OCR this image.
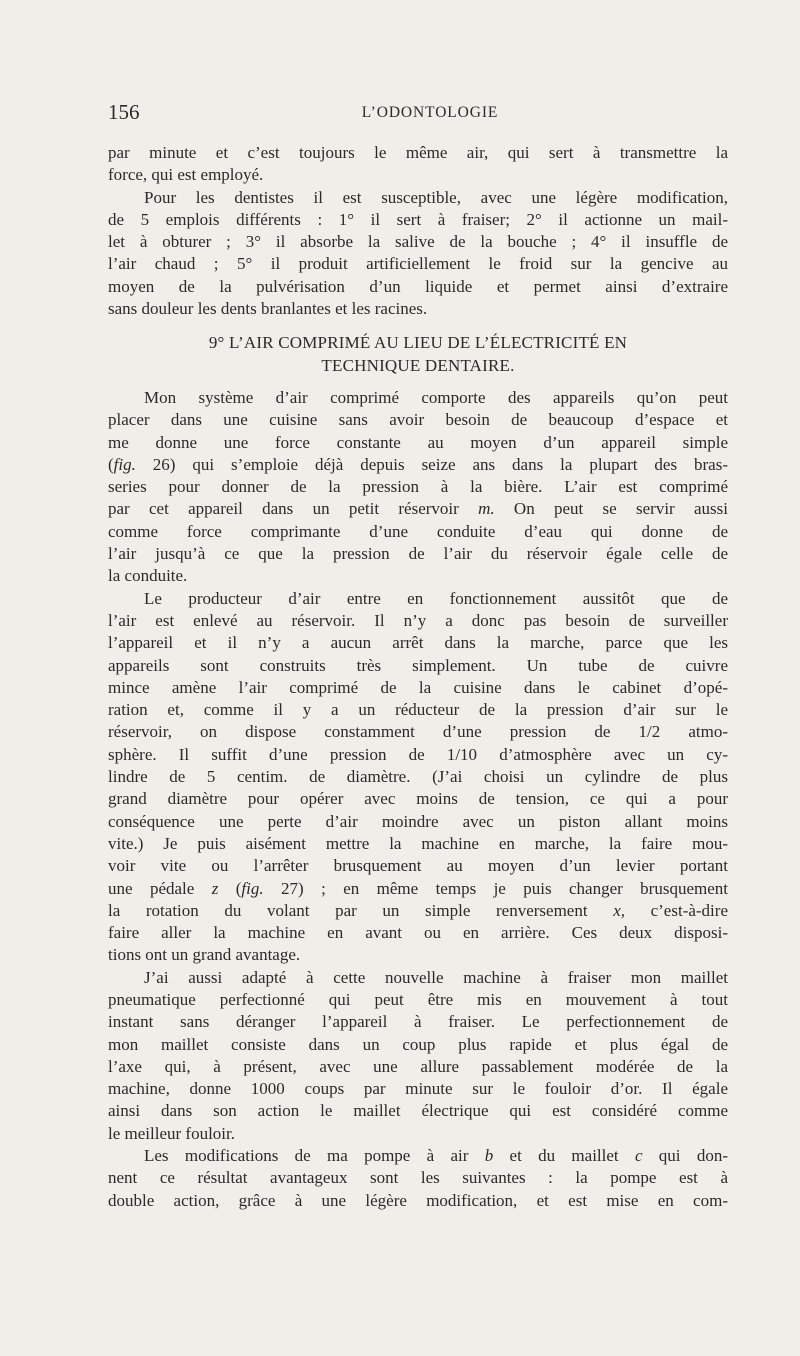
156	L’ODONTOLOGIE

par minute et c’est toujours le même air, qui sert à transmettre la
force, qui est employé.

Pour les dentistes il est susceptible, avec une légère modification,
de 5 emplois différents : 1° il sert à fraiser; 2° il actionne un mail-
let à obturer ; 3° il absorbe la salive de la bouche ; 4° il insuffle de
l’air chaud ; 5° il produit artificiellement le froid sur la gencive au
moyen de la pulvérisation d’un liquide et permet ainsi d’extraire
sans douleur les dents branlantes et les racines.

9° L’AIR COMPRIMÉ AU LIEU DE L’ÉLECTRICITÉ EN
TECHNIQUE DENTAIRE.

Mon système d’air comprimé comporte des appareils qu’on peut
placer dans une cuisine sans avoir besoin de beaucoup d’espace et
me donne une force constante au moyen d’un appareil simple
(fig. 26) qui s’emploie déjà depuis seize ans dans la plupart des bras-
series pour donner de la pression à la bière. L’air est comprimé
par cet appareil dans un petit réservoir m. On peut se servir aussi
comme force comprimante d’une conduite d’eau qui donne de
l’air jusqu’à ce que la pression de l’air du réservoir égale celle de
la conduite.

Le producteur d’air entre en fonctionnement aussitôt que de
l’air est enlevé au réservoir. Il n’y a donc pas besoin de surveiller
l’appareil et il n’y a aucun arrêt dans la marche, parce que les
appareils sont construits très simplement. Un tube de cuivre
mince amène l’air comprimé de la cuisine dans le cabinet d’opé-
ration et, comme il y a un réducteur de la pression d’air sur le
réservoir, on dispose constamment d’une pression de 1/2 atmo-
sphère. Il suffit d’une pression de 1/10 d’atmosphère avec un cy-
lindre de 5 centim. de diamètre. (J’ai choisi un cylindre de plus
grand diamètre pour opérer avec moins de tension, ce qui a pour
conséquence une perte d’air moindre avec un piston allant moins
vite.) Je puis aisément mettre la machine en marche, la faire mou-
voir vite ou l’arrêter brusquement au moyen d’un levier portant
une pédale z (fig. 27) ; en même temps je puis changer brusquement
la rotation du volant par un simple renversement x, c’est-à-dire
faire aller la machine en avant ou en arrière. Ces deux disposi-
tions ont un grand avantage.

J’ai aussi adapté à cette nouvelle machine à fraiser mon maillet
pneumatique perfectionné qui peut être mis en mouvement à tout
instant sans déranger l’appareil à fraiser. Le perfectionnement de
mon maillet consiste dans un coup plus rapide et plus égal de
l’axe qui, à présent, avec une allure passablement modérée de la
machine, donne 1000 coups par minute sur le fouloir d’or. Il égale
ainsi dans son action le maillet électrique qui est considéré comme
le meilleur fouloir.

Les modifications de ma pompe à air b et du maillet c qui don-
nent ce résultat avantageux sont les suivantes : la pompe est à
double action, grâce à une légère modification, et est mise en com-
